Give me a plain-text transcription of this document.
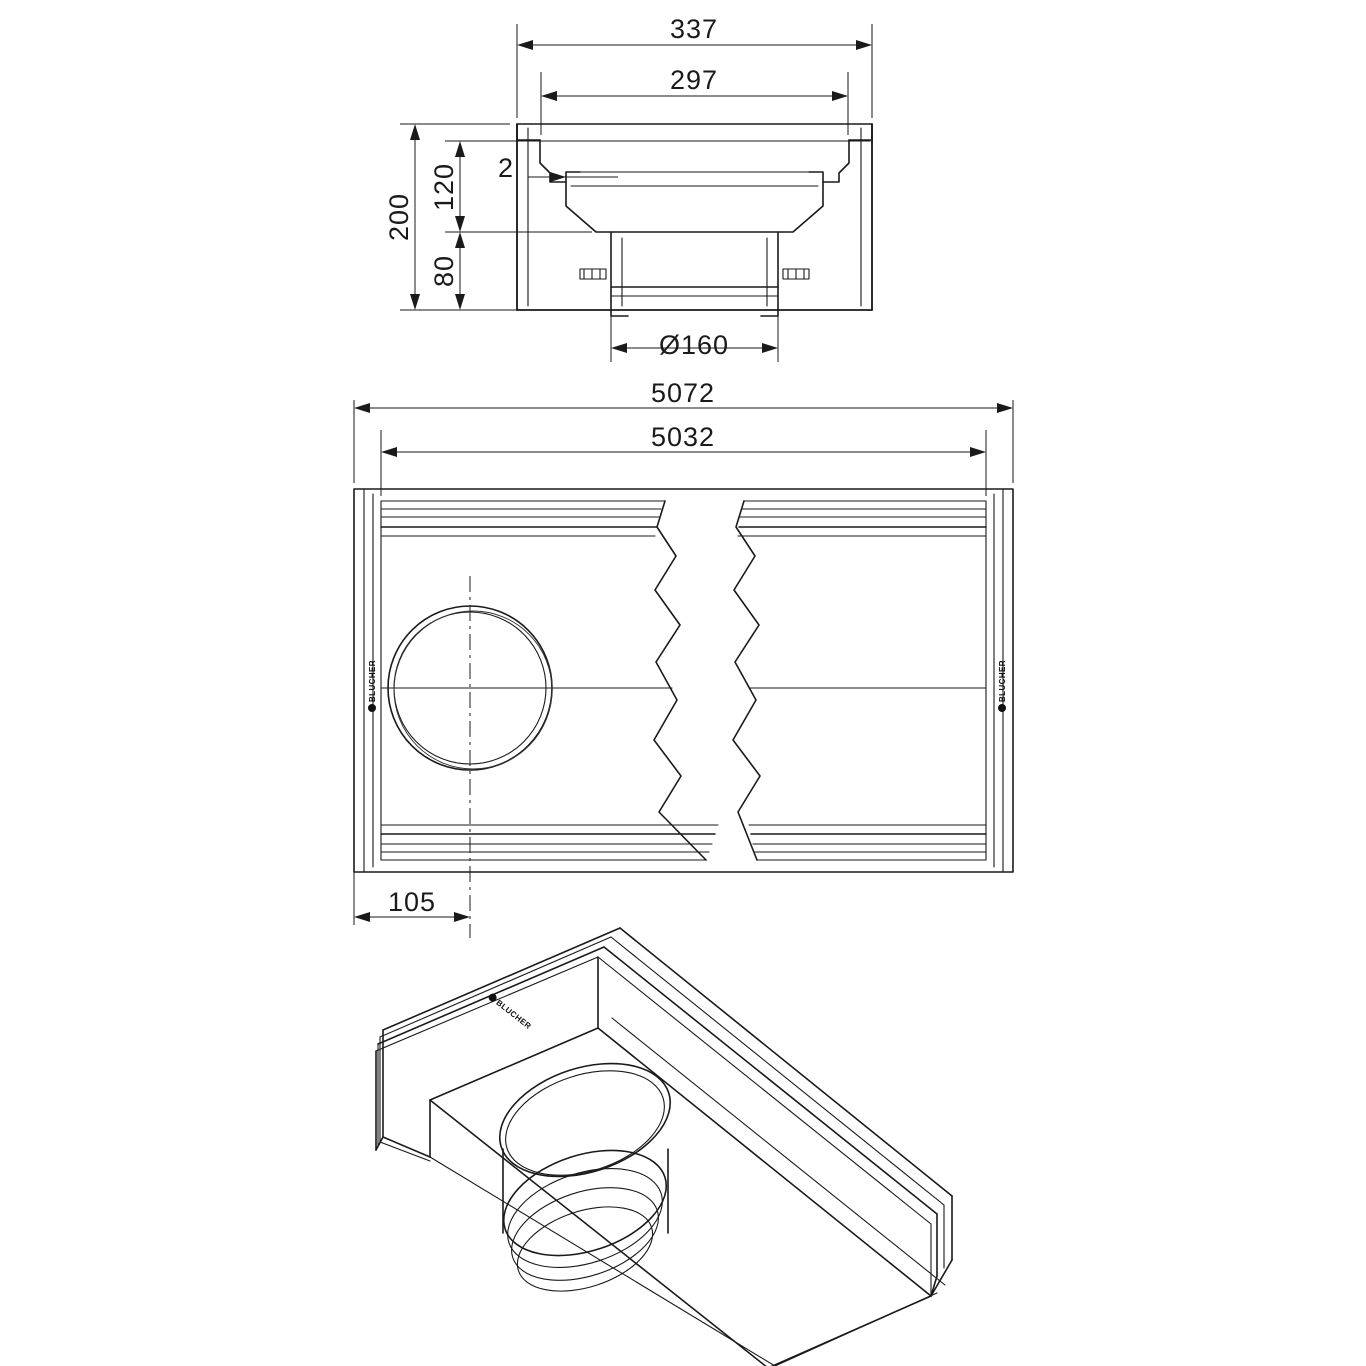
337
297
200
120
80
2
Ø160
5072
5032
105
BLUCHER	BLUCHER
BLUCHER
